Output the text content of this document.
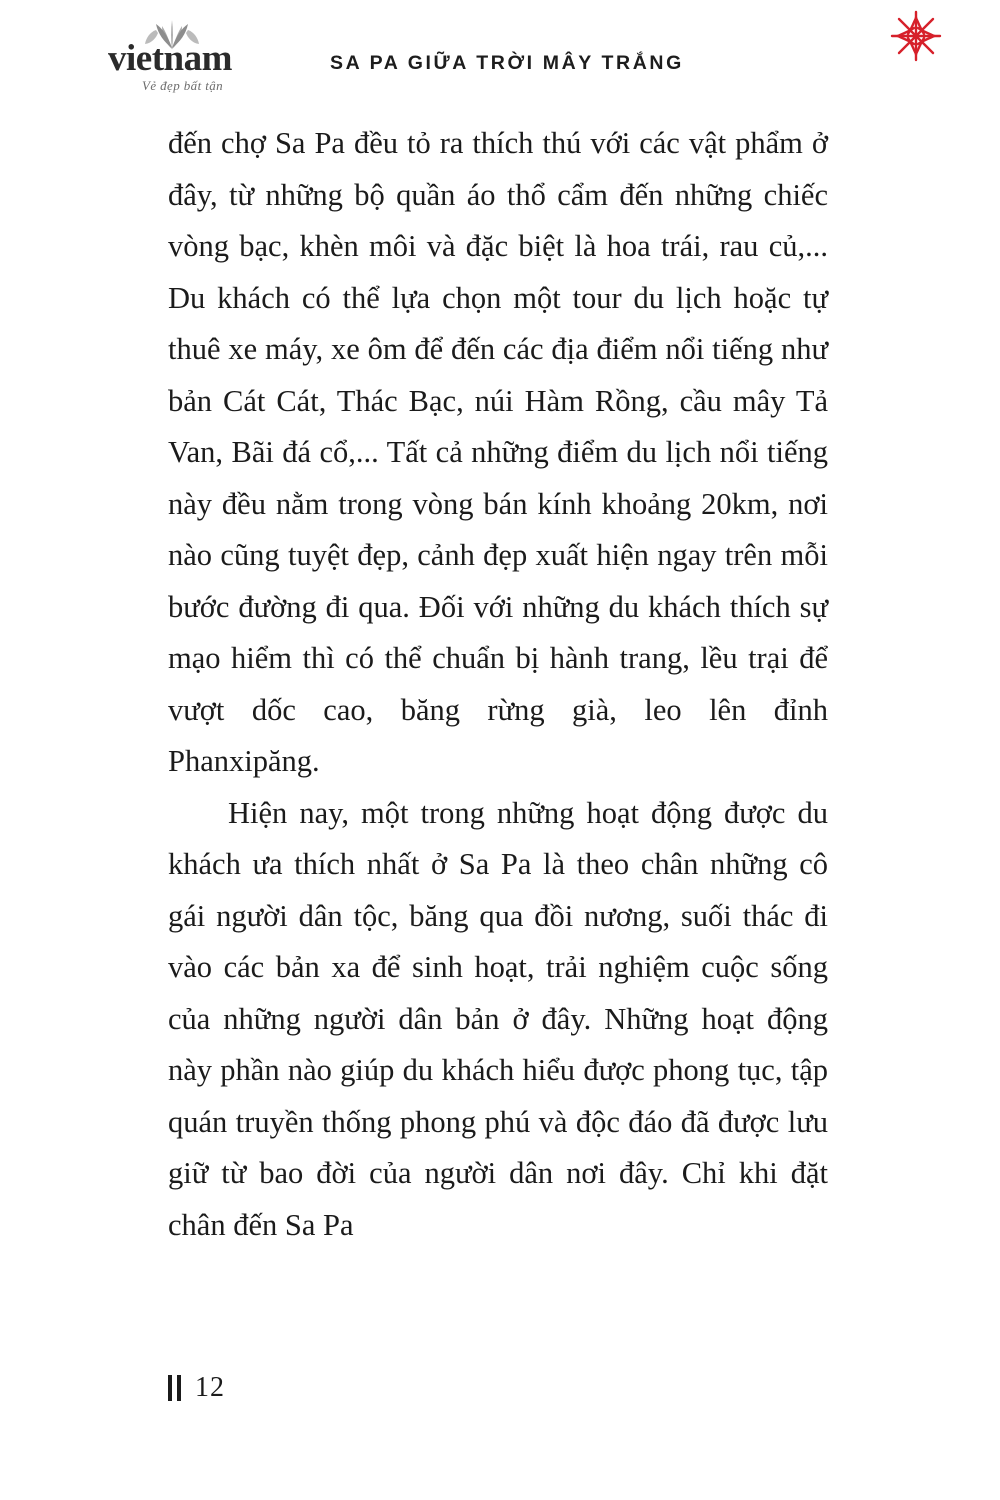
vietnam
Vẻ đẹp bất tận
SA PA GIỮA TRỜI MÂY TRẮNG

đến chợ Sa Pa đều tỏ ra thích thú với các vật phẩm ở đây, từ những bộ quần áo thổ cẩm đến những chiếc vòng bạc, khèn môi và đặc biệt là hoa trái, rau củ,... Du khách có thể lựa chọn một tour du lịch hoặc tự thuê xe máy, xe ôm để đến các địa điểm nổi tiếng như bản Cát Cát, Thác Bạc, núi Hàm Rồng, cầu mây Tả Van, Bãi đá cổ,... Tất cả những điểm du lịch nổi tiếng này đều nằm trong vòng bán kính khoảng 20km, nơi nào cũng tuyệt đẹp, cảnh đẹp xuất hiện ngay trên mỗi bước đường đi qua. Đối với những du khách thích sự mạo hiểm thì có thể chuẩn bị hành trang, lều trại để vượt dốc cao, băng rừng già, leo lên đỉnh Phanxipăng.

Hiện nay, một trong những hoạt động được du khách ưa thích nhất ở Sa Pa là theo chân những cô gái người dân tộc, băng qua đồi nương, suối thác đi vào các bản xa để sinh hoạt, trải nghiệm cuộc sống của những người dân bản ở đây. Những hoạt động này phần nào giúp du khách hiểu được phong tục, tập quán truyền thống phong phú và độc đáo đã được lưu giữ từ bao đời của người dân nơi đây. Chỉ khi đặt chân đến Sa Pa

12
